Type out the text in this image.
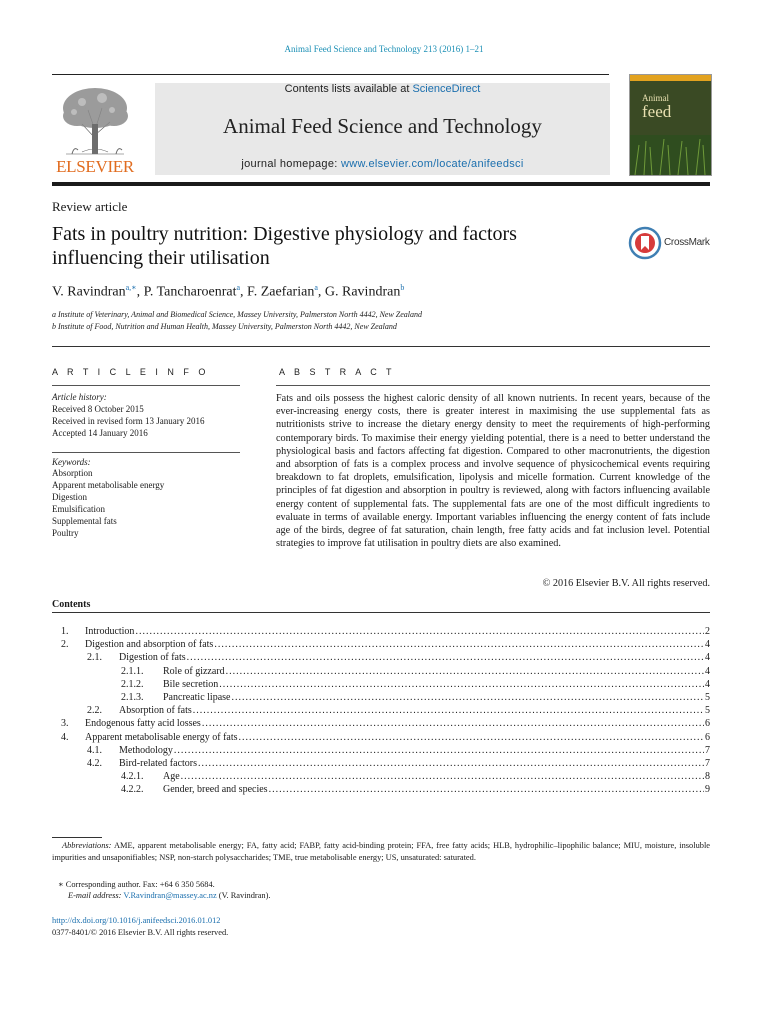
Animal Feed Science and Technology 213 (2016) 1–21
ELSEVIER
Contents lists available at ScienceDirect
Animal Feed Science and Technology
journal homepage: www.elsevier.com/locate/anifeedsci
Animal
feed
Review article
Fats in poultry nutrition: Digestive physiology and factors influencing their utilisation
CrossMark
V. Ravindran$^{a,∗}$, P. Tancharoenrat$^a$, F. Zaefarian$^a$, G. Ravindran$^b$
a Institute of Veterinary, Animal and Biomedical Science, Massey University, Palmerston North 4442, New Zealand
b Institute of Food, Nutrition and Human Health, Massey University, Palmerston North 4442, New Zealand
A R T I C L E I N F O
Article history:
Received 8 October 2015
Received in revised form 13 January 2016
Accepted 14 January 2016
Keywords:
Absorption
Apparent metabolisable energy
Digestion
Emulsification
Supplemental fats
Poultry
A B S T R A C T
Fats and oils possess the highest caloric density of all known nutrients. In recent years, because of the ever-increasing energy costs, there is greater interest in maximising the use supplemental fats as nutritionists strive to increase the dietary energy density to meet the requirements of high-performing contemporary birds. To maximise their energy yielding potential, there is a need to better understand the physiological basis and factors affecting fat digestion. Compared to other macronutrients, the digestion and absorption of fats is a complex process and involve sequence of physicochemical events requiring breakdown to fat droplets, emulsification, lipolysis and micelle formation. Current knowledge of the principles of fat digestion and absorption in poultry is reviewed, along with factors influencing available energy content of supplemental fats. The supplemental fats are one of the most difficult ingredients to evaluate in terms of available energy. Important variables influencing the energy content of fats include age of the birds, degree of fat saturation, chain length, free fatty acids and fat inclusion level. Potential strategies to improve fat utilisation in poultry diets are also examined.
© 2016 Elsevier B.V. All rights reserved.
Contents
1. Introduction .....	2
2. Digestion and absorption of fats .....	4
2.1. Digestion of fats .....	4
2.1.1. Role of gizzard .....	4
2.1.2. Bile secretion .....	4
2.1.3. Pancreatic lipase .....	5
2.2. Absorption of fats .....	5
3. Endogenous fatty acid losses .....	6
4. Apparent metabolisable energy of fats .....	6
4.1. Methodology .....	7
4.2. Bird-related factors .....	7
4.2.1. Age .....	8
4.2.2. Gender, breed and species .....	9
Abbreviations: AME, apparent metabolisable energy; FA, fatty acid; FABP, fatty acid-binding protein; FFA, free fatty acids; HLB, hydrophilic–lipophilic balance; MIU, moisture, insoluble impurities and unsaponifiables; NSP, non-starch polysaccharides; TME, true metabolisable energy; US, unsaturated: saturated.
∗ Corresponding author. Fax: +64 6 350 5684.
E-mail address: V.Ravindran@massey.ac.nz (V. Ravindran).
http://dx.doi.org/10.1016/j.anifeedsci.2016.01.012
0377-8401/© 2016 Elsevier B.V. All rights reserved.
